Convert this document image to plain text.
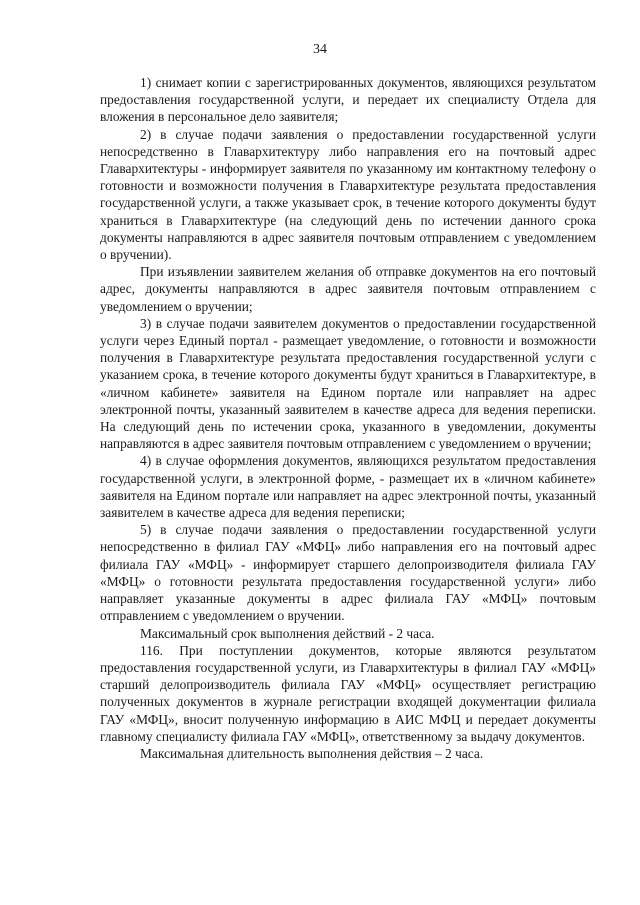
34

1) снимает копии с зарегистрированных документов, являющихся результатом предоставления государственной услуги, и передает их специалисту Отдела для вложения в персональное дело заявителя;

2) в случае подачи заявления о предоставлении государственной услуги непосредственно в Главархитектуру либо направления его на почтовый адрес Главархитектуры - информирует заявителя по указанному им контактному телефону о готовности и возможности получения в Главархитектуре результата предоставления государственной услуги, а также указывает срок, в течение которого документы будут храниться в Главархитектуре (на следующий день по истечении данного срока документы направляются в адрес заявителя почтовым отправлением с уведомлением о вручении).

При изъявлении заявителем желания об отправке документов на его почтовый адрес, документы направляются в адрес заявителя почтовым отправлением с уведомлением о вручении;

3) в случае подачи заявителем документов о предоставлении государственной услуги через Единый портал - размещает уведомление, о готовности и возможности получения в Главархитектуре результата предоставления государственной услуги с указанием срока, в течение которого документы будут храниться в Главархитектуре, в «личном кабинете» заявителя на Едином портале или направляет на адрес электронной почты, указанный заявителем в качестве адреса для ведения переписки. На следующий день по истечении срока, указанного в уведомлении, документы направляются в адрес заявителя почтовым отправлением с уведомлением о вручении;

4) в случае оформления документов, являющихся результатом предоставления государственной услуги, в электронной форме, - размещает их в «личном кабинете» заявителя на Едином портале или направляет на адрес электронной почты, указанный заявителем в качестве адреса для ведения переписки;

5) в случае подачи заявления о предоставлении государственной услуги непосредственно в филиал ГАУ «МФЦ» либо направления его на почтовый адрес филиала ГАУ «МФЦ» - информирует старшего делопроизводителя филиала ГАУ «МФЦ» о готовности результата предоставления государственной услуги» либо направляет указанные документы в адрес филиала ГАУ «МФЦ» почтовым отправлением с уведомлением о вручении.

Максимальный срок выполнения действий - 2 часа.

116. При поступлении документов, которые являются результатом предоставления государственной услуги, из Главархитектуры в филиал ГАУ «МФЦ» старший делопроизводитель филиала ГАУ «МФЦ» осуществляет регистрацию полученных документов в журнале регистрации входящей документации филиала ГАУ «МФЦ», вносит полученную информацию в АИС МФЦ и передает документы главному специалисту филиала ГАУ «МФЦ», ответственному за выдачу документов.

Максимальная длительность выполнения действия – 2 часа.
